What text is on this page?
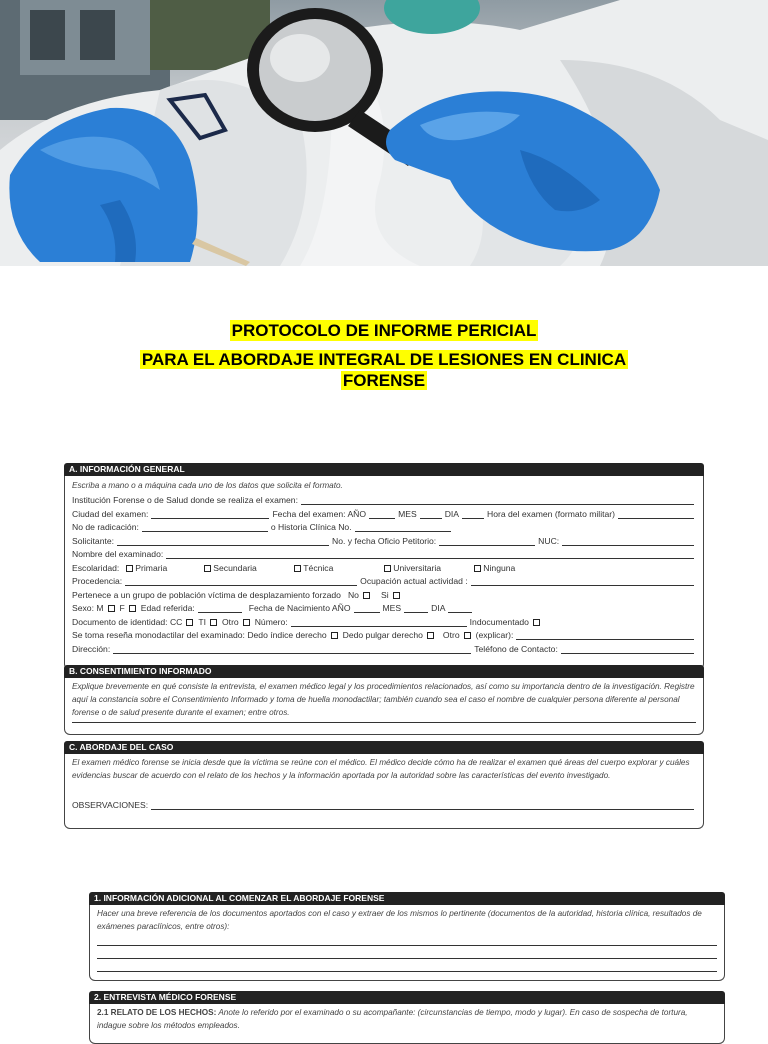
PROTOCOLO DE INFORME PERICIAL
PARA EL ABORDAJE INTEGRAL DE LESIONES EN CLINICA FORENSE
A. INFORMACIÓN GENERAL
Escriba a mano o a máquina cada uno de los datos que solicita el formato.
Institución Forense o de Salud donde se realiza el examen:
Ciudad del examen:	Fecha del examen: AÑO	MES	DIA	Hora del examen (formato militar)
No de radicación:	o Historia Clínica No.
Solicitante:	No. y fecha Oficio Petitorio:	NUC:
Nombre del examinado:
Escolaridad: Primaria	Secundaria	Técnica	Universitaria	Ninguna
Procedencia:	Ocupación actual actividad :
Pertenece a un grupo de población víctima de desplazamiento forzado No	Si
Sexo: M F Edad referida:	Fecha de Nacimiento AÑO	MES	DIA
Documento de identidad: CC TI Otro Número:	Indocumentado
Se toma reseña monodactilar del examinado: Dedo índice derecho Dedo pulgar derecho Otro (explicar):
Dirección:	Teléfono de Contacto:
B. CONSENTIMIENTO INFORMADO
Explique brevemente en qué consiste la entrevista, el examen médico legal y los procedimientos relacionados, así como su importancia dentro de la investigación. Registre aquí la constancia sobre el Consentimiento Informado y toma de huella monodactilar; también cuando sea el caso el nombre de cualquier persona diferente al personal forense o de salud presente durante el examen; entre otros.
C. ABORDAJE DEL CASO
El examen médico forense se inicia desde que la víctima se reúne con el médico. El médico decide cómo ha de realizar el examen qué áreas del cuerpo explorar y cuáles evidencias buscar de acuerdo con el relato de los hechos y la información aportada por la autoridad sobre las características del evento investigado.
OBSERVACIONES:
1. INFORMACIÓN ADICIONAL AL COMENZAR EL ABORDAJE FORENSE
Hacer una breve referencia de los documentos aportados con el caso y extraer de los mismos lo pertinente (documentos de la autoridad, historia clínica, resultados de exámenes paraclínicos, entre otros):
2. ENTREVISTA MÉDICO FORENSE
2.1 RELATO DE LOS HECHOS: Anote lo referido por el examinado o su acompañante: (circunstancias de tiempo, modo y lugar). En caso de sospecha de tortura, indague sobre los métodos empleados.
